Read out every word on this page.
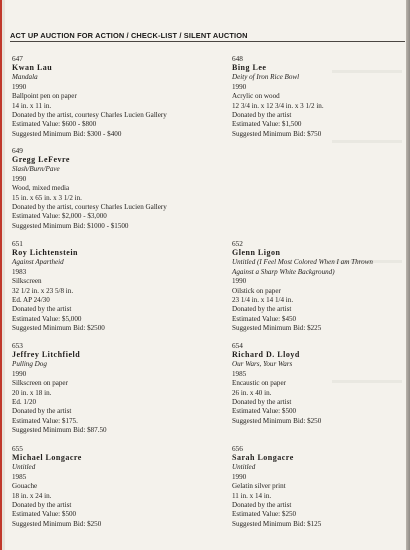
ACT UP AUCTION FOR ACTION / CHECK-LIST / SILENT AUCTION
647
Kwan Lau
Mandala
1990
Ballpoint pen on paper
14 in. x 11 in.
Donated by the artist, courtesy Charles Lucien Gallery
Estimated Value: $600 - $800
Suggested Minimum Bid: $300 - $400
648
Bing Lee
Deity of Iron Rice Bowl
1990
Acrylic on wood
12 3/4 in. x 12 3/4 in. x 3 1/2 in.
Donated by the artist
Estimated Value: $1,500
Suggested Minimum Bid: $750
649
Gregg LeFevre
Slash/Burn/Pave
1990
Wood, mixed media
15 in. x 65 in. x 3 1/2 in.
Donated by the artist, courtesy Charles Lucien Gallery
Estimated Value: $2,000 - $3,000
Suggested Minimum Bid: $1000 - $1500
651
Roy Lichtenstein
Against Apartheid
1983
Silkscreen
32 1/2 in. x 23 5/8 in.
Ed. AP 24/30
Donated by the artist
Estimated Value: $5,000
Suggested Minimum Bid: $2500
652
Glenn Ligon
Untitled (I Feel Most Colored When I am Thrown Against a Sharp White Background)
1990
Oilstick on paper
23 1/4 in. x 14 1/4 in.
Donated by the artist
Estimated Value: $450
Suggested Minimum Bid: $225
653
Jeffrey Litchfield
Pulling Dog
1990
Silkscreen on paper
20 in. x 18 in.
Ed. 1/20
Donated by the artist
Estimated Value: $175.
Suggested Minimum Bid: $87.50
654
Richard D. Lloyd
Our Wars, Your Wars
1985
Encaustic on paper
26 in. x 40 in.
Donated by the artist
Estimated Value: $500
Suggested Minimum Bid: $250
655
Michael Longacre
Untitled
1985
Gouache
18 in. x 24 in.
Donated by the artist
Estimated Value: $500
Suggested Minimum Bid: $250
656
Sarah Longacre
Untitled
1990
Gelatin silver print
11 in. x 14 in.
Donated by the artist
Estimated Value: $250
Suggested Minimum Bid: $125
